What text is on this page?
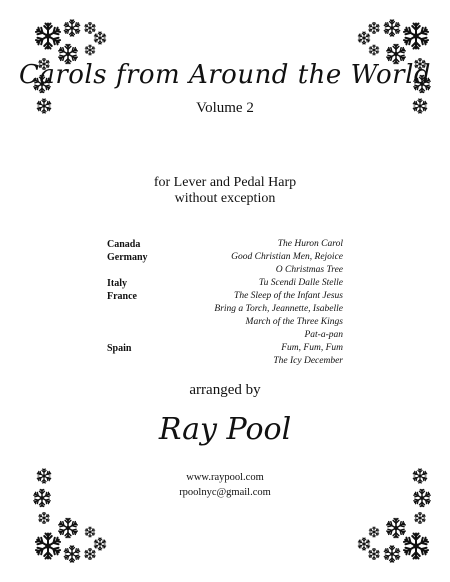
Carols from Around the World
Volume 2
for Lever and Pedal Harp
without exception
Canada
Germany
Italy
France
Spain
The Huron Carol
Good Christian Men, Rejoice
O Christmas Tree
Tu Scendi Dalle Stelle
The Sleep of the Infant Jesus
Bring a Torch, Jeannette, Isabelle
March of the Three Kings
Pat-a-pan
Fum, Fum, Fum
The Icy December
arranged by
Ray Pool
www.raypool.com
rpoolnyc@gmail.com
